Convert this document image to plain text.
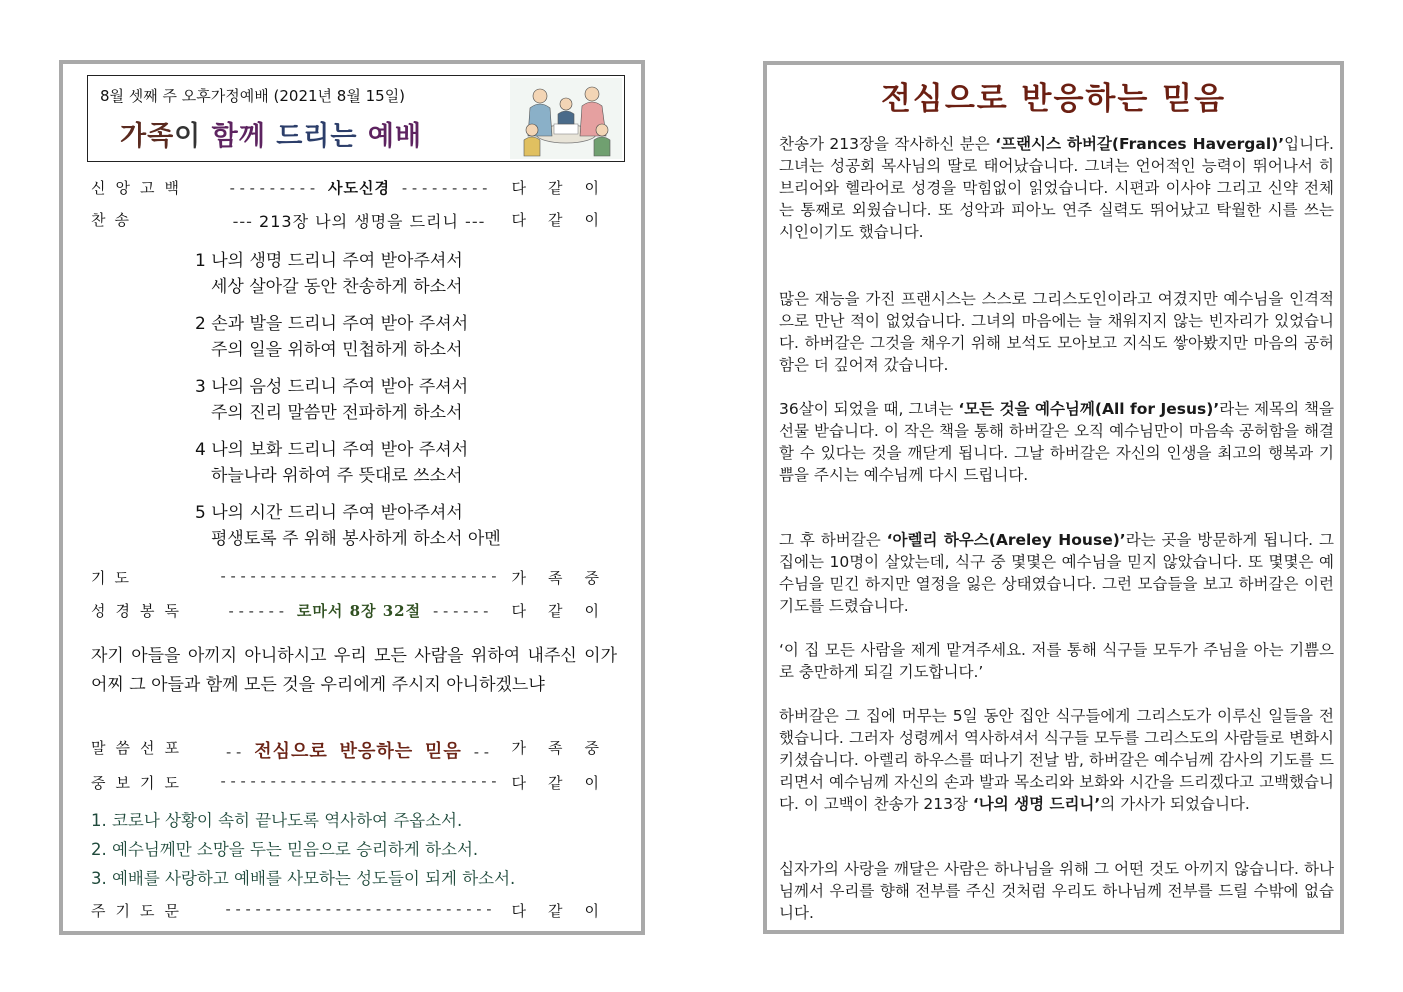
8월 셋째 주 오후가정예배 (2021년 8월 15일)
가족이 함께 드리는 예배
신앙고백	--------- 사도신경 ---------	다같이
찬 송	--- 213장 나의 생명을 드리니 ---	다같이
1 나의 생명 드리니 주여 받아주셔서
세상 살아갈 동안 찬송하게 하소서
2 손과 발을 드리니 주여 받아 주셔서
주의 일을 위하여 민첩하게 하소서
3 나의 음성 드리니 주여 받아 주셔서
주의 진리 말씀만 전파하게 하소서
4 나의 보화 드리니 주여 받아 주셔서
하늘나라 위하여 주 뜻대로 쓰소서
5 나의 시간 드리니 주여 받아주셔서
평생토록 주 위해 봉사하게 하소서 아멘
기 도	---------------------------- 가족중
성경봉독	------ 로마서 8장 32절 ------	다같이
자기 아들을 아끼지 아니하시고 우리 모든 사람을 위하여 내주신 이가 어찌 그 아들과 함께 모든 것을 우리에게 주시지 아니하겠느냐
말씀선포	-- 전심으로 반응하는 믿음 --	가족중
중보기도	---------------------------- 다같이
1. 코로나 상황이 속히 끝나도록 역사하여 주옵소서.
2. 예수님께만 소망을 두는 믿음으로 승리하게 하소서.
3. 예배를 사랑하고 예배를 사모하는 성도들이 되게 하소서.
주기도문	---------------------------	다같이
전심으로 반응하는 믿음
찬송가 213장을 작사하신 분은 ‘프랜시스 하버갈(Frances Havergal)’입니다. 그녀는 성공회 목사님의 딸로 태어났습니다. 그녀는 언어적인 능력이 뛰어나서 히브리어와 헬라어로 성경을 막힘없이 읽었습니다. 시편과 이사야 그리고 신약 전체는 통째로 외웠습니다. 또 성악과 피아노 연주 실력도 뛰어났고 탁월한 시를 쓰는 시인이기도 했습니다.
많은 재능을 가진 프랜시스는 스스로 그리스도인이라고 여겼지만 예수님을 인격적으로 만난 적이 없었습니다. 그녀의 마음에는 늘 채워지지 않는 빈자리가 있었습니다. 하버갈은 그것을 채우기 위해 보석도 모아보고 지식도 쌓아봤지만 마음의 공허함은 더 깊어져 갔습니다.
36살이 되었을 때, 그녀는 ‘모든 것을 예수님께(All for Jesus)’라는 제목의 책을 선물 받습니다. 이 작은 책을 통해 하버갈은 오직 예수님만이 마음속 공허함을 해결할 수 있다는 것을 깨닫게 됩니다. 그날 하버갈은 자신의 인생을 최고의 행복과 기쁨을 주시는 예수님께 다시 드립니다.
그 후 하버갈은 ‘아렐리 하우스(Areley House)’라는 곳을 방문하게 됩니다. 그 집에는 10명이 살았는데, 식구 중 몇몇은 예수님을 믿지 않았습니다. 또 몇몇은 예수님을 믿긴 하지만 열정을 잃은 상태였습니다. 그런 모습들을 보고 하버갈은 이런 기도를 드렸습니다.
‘이 집 모든 사람을 제게 맡겨주세요. 저를 통해 식구들 모두가 주님을 아는 기쁨으로 충만하게 되길 기도합니다.’
하버갈은 그 집에 머무는 5일 동안 집안 식구들에게 그리스도가 이루신 일들을 전했습니다. 그러자 성령께서 역사하셔서 식구들 모두를 그리스도의 사람들로 변화시키셨습니다. 아렐리 하우스를 떠나기 전날 밤, 하버갈은 예수님께 감사의 기도를 드리면서 예수님께 자신의 손과 발과 목소리와 보화와 시간을 드리겠다고 고백했습니다. 이 고백이 찬송가 213장 ‘나의 생명 드리니’의 가사가 되었습니다.
십자가의 사랑을 깨달은 사람은 하나님을 위해 그 어떤 것도 아끼지 않습니다. 하나님께서 우리를 향해 전부를 주신 것처럼 우리도 하나님께 전부를 드릴 수밖에 없습니다.
